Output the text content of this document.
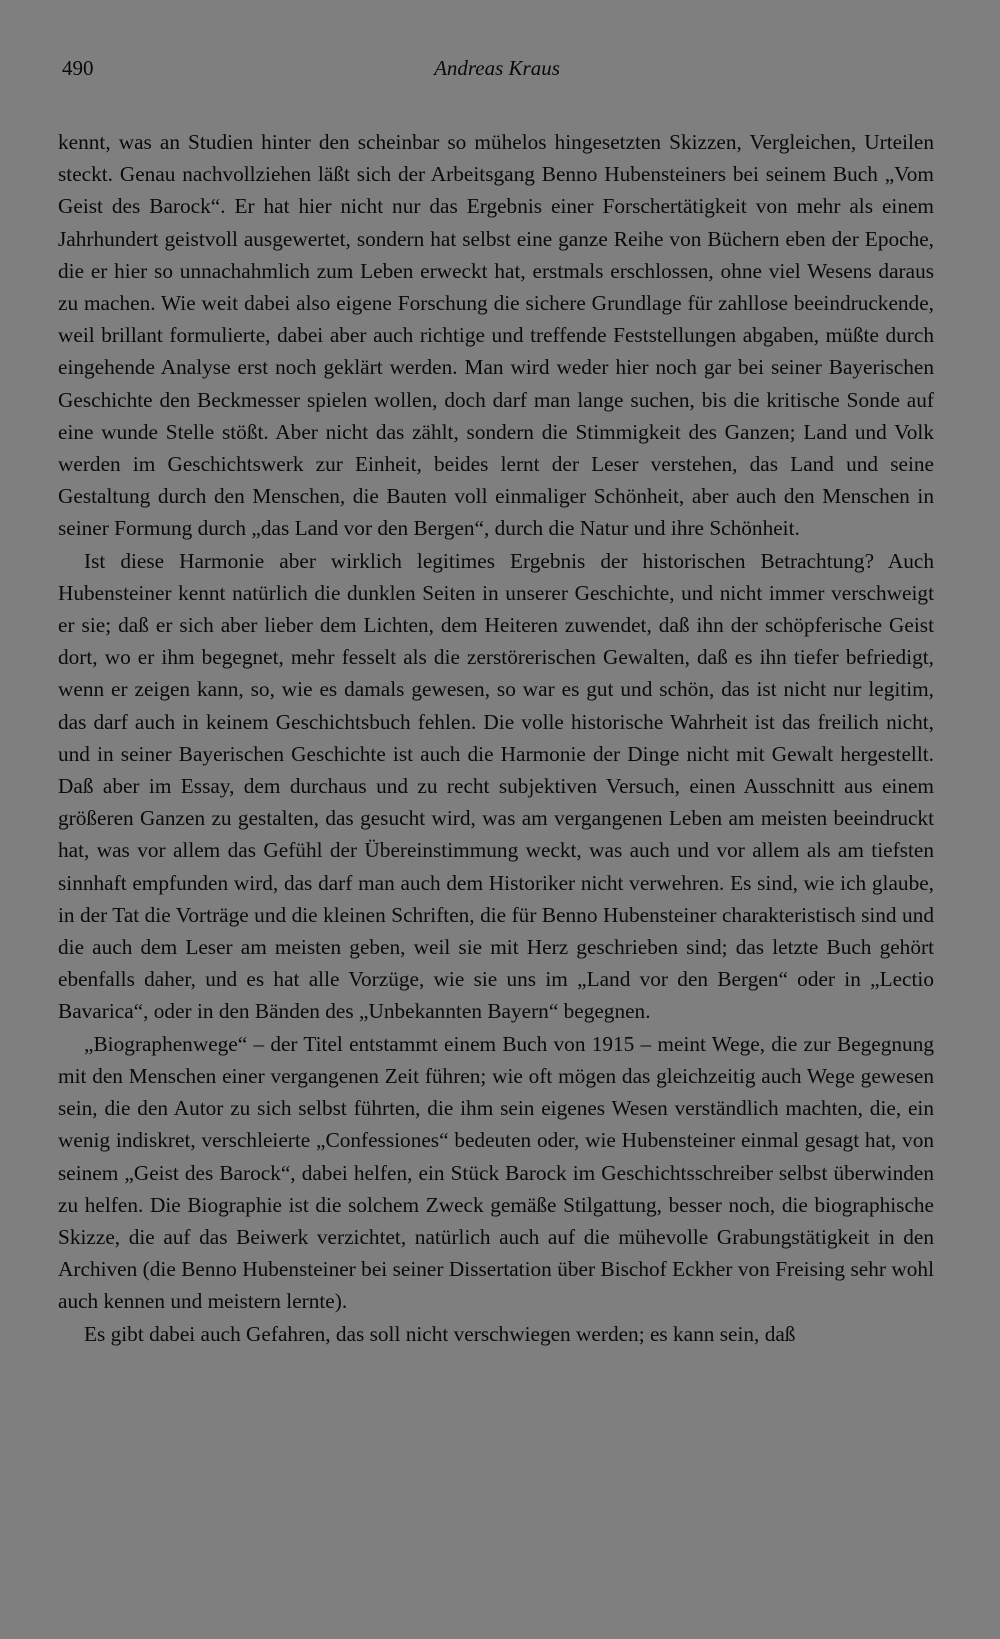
490	Andreas Kraus

kennt, was an Studien hinter den scheinbar so mühelos hingesetzten Skizzen, Vergleichen, Urteilen steckt. Genau nachvollziehen läßt sich der Arbeitsgang Benno Hubensteiners bei seinem Buch „Vom Geist des Barock“. Er hat hier nicht nur das Ergebnis einer Forschertätigkeit von mehr als einem Jahrhundert geistvoll ausgewertet, sondern hat selbst eine ganze Reihe von Büchern eben der Epoche, die er hier so unnachahmlich zum Leben erweckt hat, erstmals erschlossen, ohne viel Wesens daraus zu machen. Wie weit dabei also eigene Forschung die sichere Grundlage für zahllose beeindruckende, weil brillant formulierte, dabei aber auch richtige und treffende Feststellungen abgaben, müßte durch eingehende Analyse erst noch geklärt werden. Man wird weder hier noch gar bei seiner Bayerischen Geschichte den Beckmesser spielen wollen, doch darf man lange suchen, bis die kritische Sonde auf eine wunde Stelle stößt. Aber nicht das zählt, sondern die Stimmigkeit des Ganzen; Land und Volk werden im Geschichtswerk zur Einheit, beides lernt der Leser verstehen, das Land und seine Gestaltung durch den Menschen, die Bauten voll einmaliger Schönheit, aber auch den Menschen in seiner Formung durch „das Land vor den Bergen“, durch die Natur und ihre Schönheit.

Ist diese Harmonie aber wirklich legitimes Ergebnis der historischen Betrachtung? Auch Hubensteiner kennt natürlich die dunklen Seiten in unserer Geschichte, und nicht immer verschweigt er sie; daß er sich aber lieber dem Lichten, dem Heiteren zuwendet, daß ihn der schöpferische Geist dort, wo er ihm begegnet, mehr fesselt als die zerstörerischen Gewalten, daß es ihn tiefer befriedigt, wenn er zeigen kann, so, wie es damals gewesen, so war es gut und schön, das ist nicht nur legitim, das darf auch in keinem Geschichtsbuch fehlen. Die volle historische Wahrheit ist das freilich nicht, und in seiner Bayerischen Geschichte ist auch die Harmonie der Dinge nicht mit Gewalt hergestellt. Daß aber im Essay, dem durchaus und zu recht subjektiven Versuch, einen Ausschnitt aus einem größeren Ganzen zu gestalten, das gesucht wird, was am vergangenen Leben am meisten beeindruckt hat, was vor allem das Gefühl der Übereinstimmung weckt, was auch und vor allem als am tiefsten sinnhaft empfunden wird, das darf man auch dem Historiker nicht verwehren. Es sind, wie ich glaube, in der Tat die Vorträge und die kleinen Schriften, die für Benno Hubensteiner charakteristisch sind und die auch dem Leser am meisten geben, weil sie mit Herz geschrieben sind; das letzte Buch gehört ebenfalls daher, und es hat alle Vorzüge, wie sie uns im „Land vor den Bergen“ oder in „Lectio Bavarica“, oder in den Bänden des „Unbekannten Bayern“ begegnen.

„Biographenwege“ – der Titel entstammt einem Buch von 1915 – meint Wege, die zur Begegnung mit den Menschen einer vergangenen Zeit führen; wie oft mögen das gleichzeitig auch Wege gewesen sein, die den Autor zu sich selbst führten, die ihm sein eigenes Wesen verständlich machten, die, ein wenig indiskret, verschleierte „Confessiones“ bedeuten oder, wie Hubensteiner einmal gesagt hat, von seinem „Geist des Barock“, dabei helfen, ein Stück Barock im Geschichtsschreiber selbst überwinden zu helfen. Die Biographie ist die solchem Zweck gemäße Stilgattung, besser noch, die biographische Skizze, die auf das Beiwerk verzichtet, natürlich auch auf die mühevolle Grabungstätigkeit in den Archiven (die Benno Hubensteiner bei seiner Dissertation über Bischof Eckher von Freising sehr wohl auch kennen und meistern lernte).

Es gibt dabei auch Gefahren, das soll nicht verschwiegen werden; es kann sein, daß
